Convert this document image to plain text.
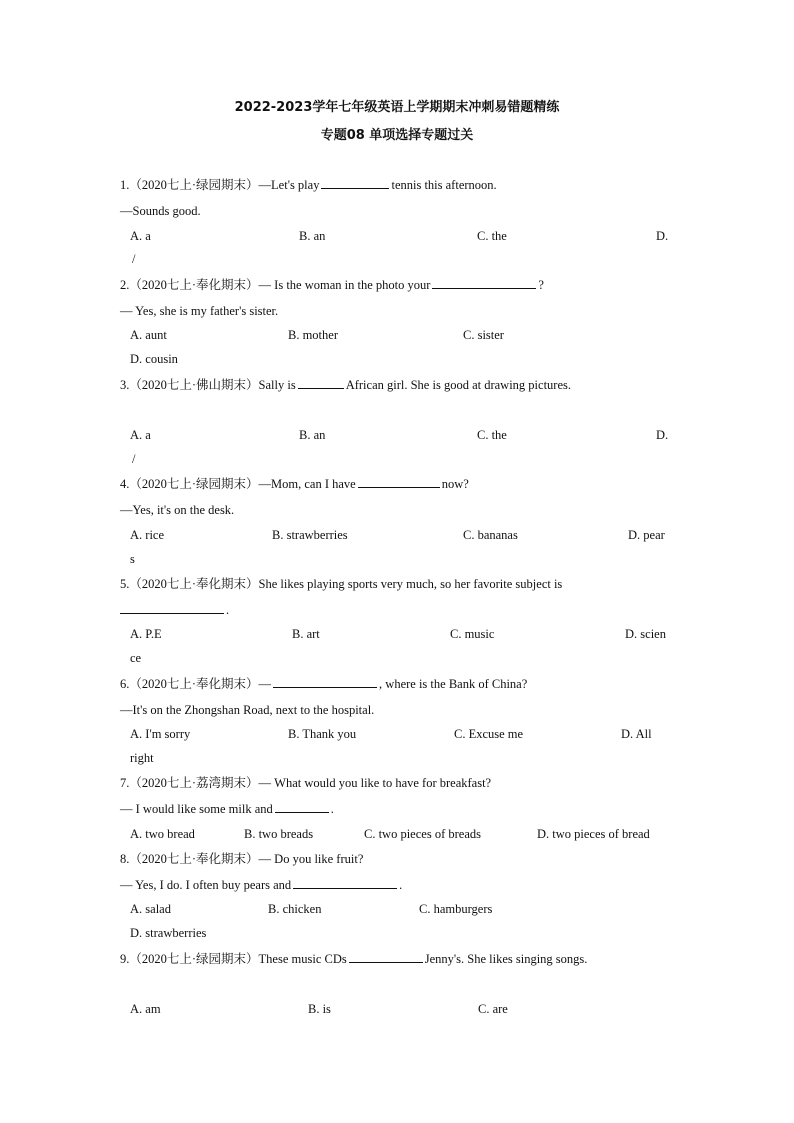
2022-2023学年七年级英语上学期期末冲刺易错题精练
专题08 单项选择专题过关
1.（2020七上·绿园期末）—Let's play	tennis this afternoon.
—Sounds good.
A. a	B. an	C. the	D.
/
2.（2020七上·奉化期末）— Is the woman in the photo your	?
— Yes, she is my father's sister.
A. aunt	B. mother	C. sister
D. cousin
3.（2020七上·佛山期末）Sally is	African girl. She is good at drawing pictures.
A. a	B. an	C. the	D.
/
4.（2020七上·绿园期末）—Mom, can I have	now?
—Yes, it's on the desk.
A. rice	B. strawberries	C. bananas	D. pear
s
5.（2020七上·奉化期末）She likes playing sports very much, so her favorite subject is
.
A. P.E	B. art	C. music	D. scien
ce
6.（2020七上·奉化期末）—	, where is the Bank of China?
—It's on the Zhongshan Road, next to the hospital.
A. I'm sorry	B. Thank you	C. Excuse me	D. All
right
7.（2020七上·荔湾期末）— What would you like to have for breakfast?
— I would like some milk and	.
A. two bread	B. two breads	C. two pieces of breads	D. two pieces of bread
8.（2020七上·奉化期末）— Do you like fruit?
— Yes, I do. I often buy pears and	.
A. salad	B. chicken	C. hamburgers
D. strawberries
9.（2020七上·绿园期末）These music CDs	Jenny's. She likes singing songs.
A. am	B. is	C. are
